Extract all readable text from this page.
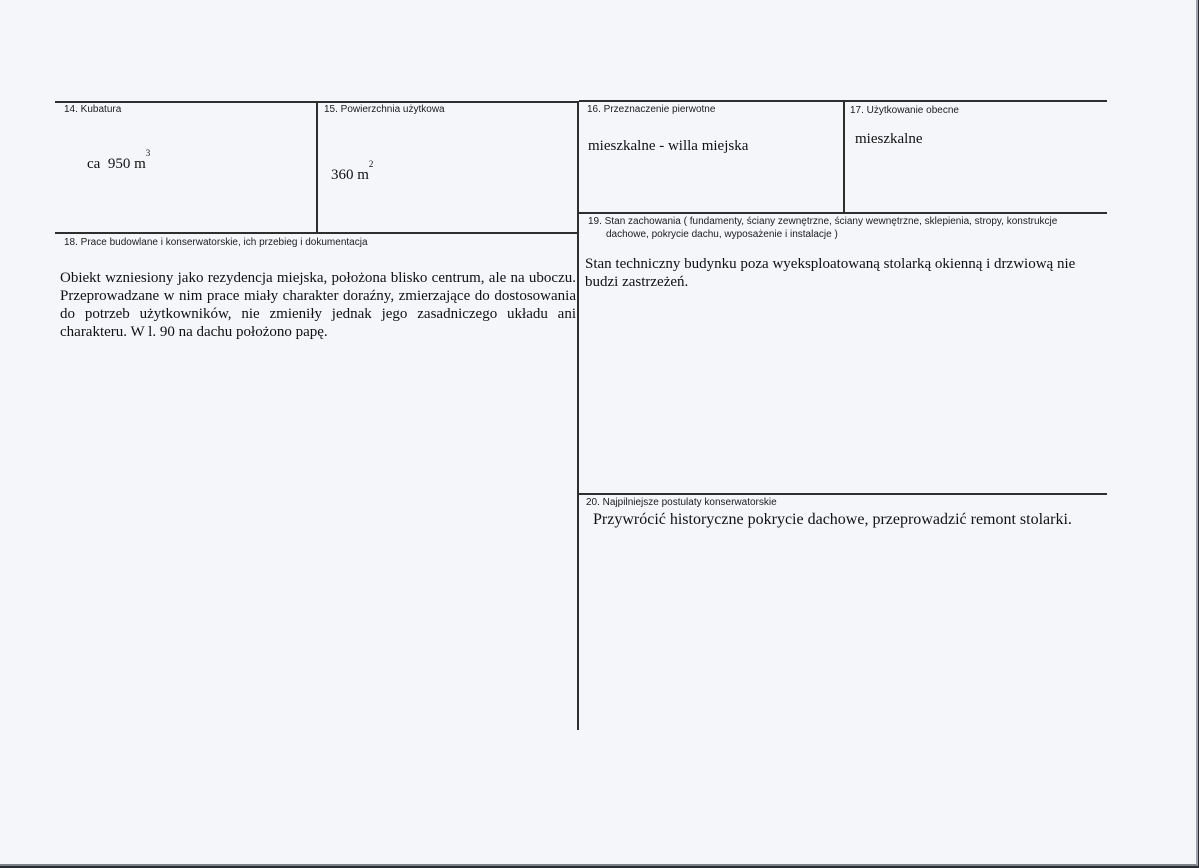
14. Kubatura
ca  950 $m^3$
15. Powierzchnia użytkowa
360 $m^2$
16. Przeznaczenie pierwotne
mieszkalne - willa miejska
17. Użytkowanie obecne
mieszkalne
18. Prace budowlane i konserwatorskie, ich przebieg i dokumentacja
Obiekt wzniesiony jako rezydencja miejska, położona blisko centrum, ale na uboczu. Przeprowadzane w nim prace miały charakter doraźny, zmierzające do dostosowania do potrzeb użytkowników, nie zmieniły jednak jego zasadniczego układu ani charakteru. W l. 90 na dachu położono papę.
19. Stan zachowania ( fundamenty, ściany zewnętrzne, ściany wewnętrzne, sklepienia, stropy, konstrukcje dachowe, pokrycie dachu, wyposażenie i instalacje )
Stan techniczny budynku poza wyeksploatowaną stolarką okienną i drzwiową nie budzi zastrzeżeń.
20. Najpilniejsze postulaty konserwatorskie
Przywrócić historyczne pokrycie dachowe, przeprowadzić remont stolarki.
